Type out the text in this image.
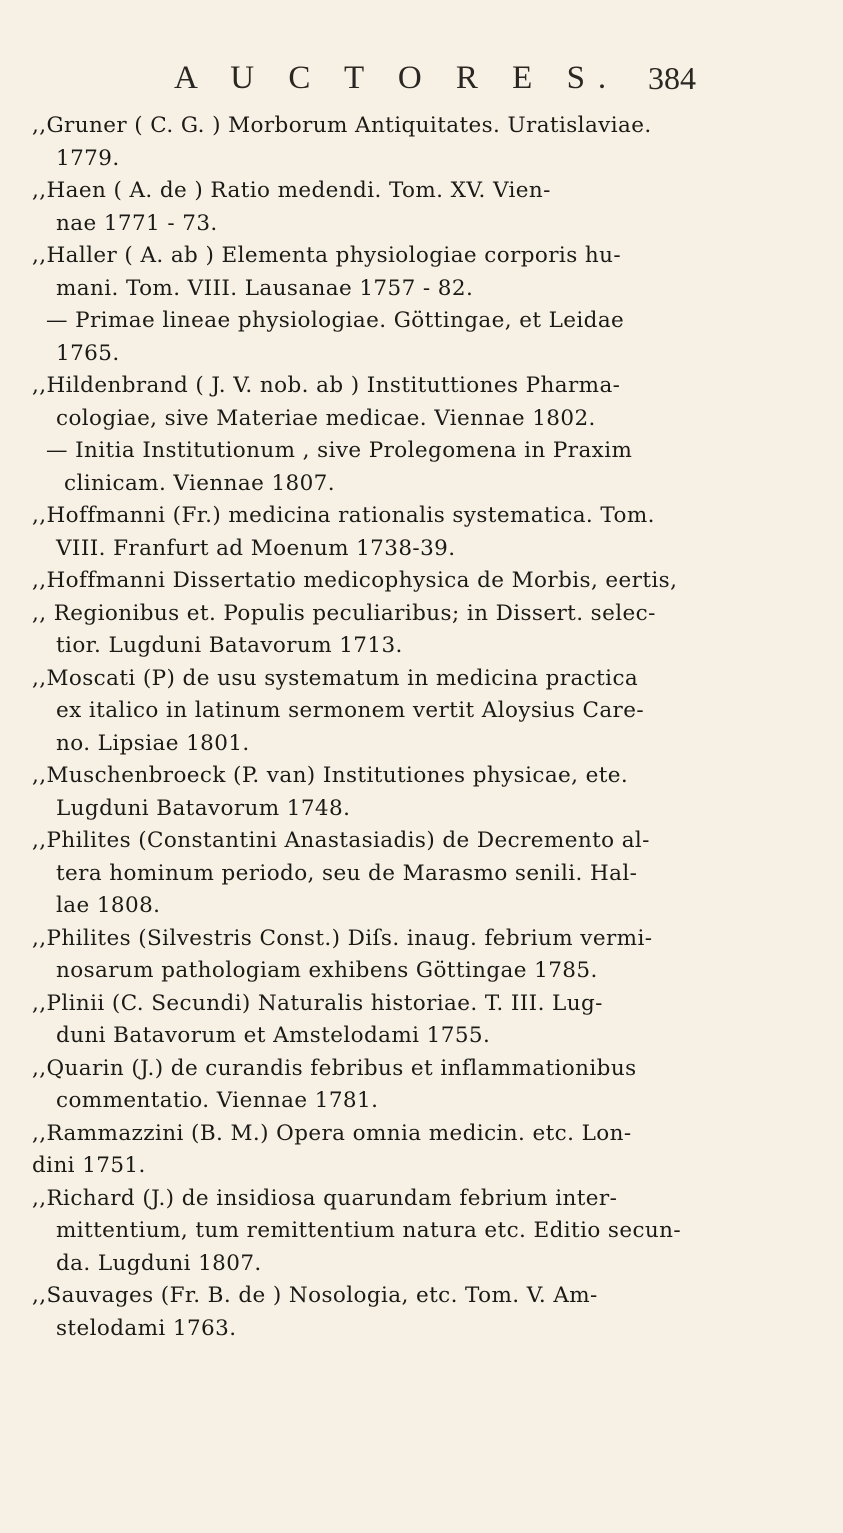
A U C T O R E S. 384
,,Gruner ( C. G. ) Morborum Antiquitates. Uratislaviae.
1779.
,,Haen ( A. de ) Ratio medendi. Tom. XV. Vien-
nae 1771 - 73.
,,Haller ( A. ab ) Elementa physiologiae corporis hu-
mani. Tom. VIII. Lausanae 1757 - 82.
— Primae lineae physiologiae. Göttingae, et Leidae
1765.
,,Hildenbrand ( J. V. nob. ab ) Instituttiones Pharma-
cologiae, sive Materiae medicae. Viennae 1802.
— Initia Institutionum , sive Prolegomena in Praxim
clinicam. Viennae 1807.
,,Hoffmanni (Fr.) medicina rationalis systematica. Tom.
VIII. Franfurt ad Moenum 1738-39.
,,Hoffmanni Dissertatio medicophysica de Morbis, eertis,
,, Regionibus et. Populis peculiaribus; in Dissert. selec-
tior. Lugduni Batavorum 1713.
,,Moscati (P) de usu systematum in medicina practica
ex italico in latinum sermonem vertit Aloysius Care-
no. Lipsiae 1801.
,,Muschenbroeck (P. van) Institutiones physicae, ete.
Lugduni Batavorum 1748.
,,Philites (Constantini Anastasiadis) de Decremento al-
tera hominum periodo, seu de Marasmo senili. Hal-
lae 1808.
,,Philites (Silvestris Const.) Diſs. inaug. febrium vermi-
nosarum pathologiam exhibens Göttingae 1785.
,,Plinii (C. Secundi) Naturalis historiae. T. III. Lug-
duni Batavorum et Amstelodami 1755.
,,Quarin (J.) de curandis febribus et inflammationibus
commentatio. Viennae 1781.
,,Rammazzini (B. M.) Opera omnia medicin. etc. Lon-
dini 1751.
,,Richard (J.) de insidiosa quarundam febrium inter-
mittentium, tum remittentium natura etc. Editio secun-
da. Lugduni 1807.
,,Sauvages (Fr. B. de ) Nosologia, etc. Tom. V. Am-
stelodami 1763.
